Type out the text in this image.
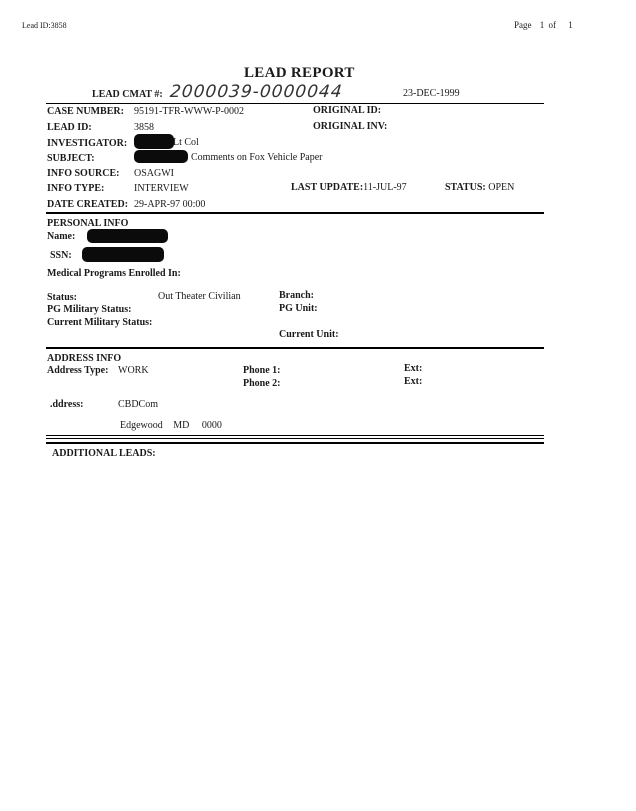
Lead ID:3858	Page 1 of 1
LEAD REPORT
LEAD CMAT #: 2000039-0000044	23-DEC-1999
CASE NUMBER: 95191-TFR-WWW-P-0002	ORIGINAL ID:
LEAD ID:	3858	ORIGINAL INV:
INVESTIGATOR:	Lt Col
SUBJECT:	Comments on Fox Vehicle Paper
INFO SOURCE: OSAGWI
INFO TYPE:	INTERVIEW	LAST UPDATE:11-JUL-97	STATUS: OPEN
DATE CREATED: 29-APR-97 00:00
PERSONAL INFO
Name:
SSN:
Medical Programs Enrolled In:
Status:	Out Theater Civilian	Branch:
PG Military Status:	PG Unit:
Current Military Status:
Current Unit:
ADDRESS INFO
Address Type: WORK	Phone 1:	Ext:
Phone 2:	Ext:
.ddress:	CBDCom
Edgewood MD 0000
ADDITIONAL LEADS:
